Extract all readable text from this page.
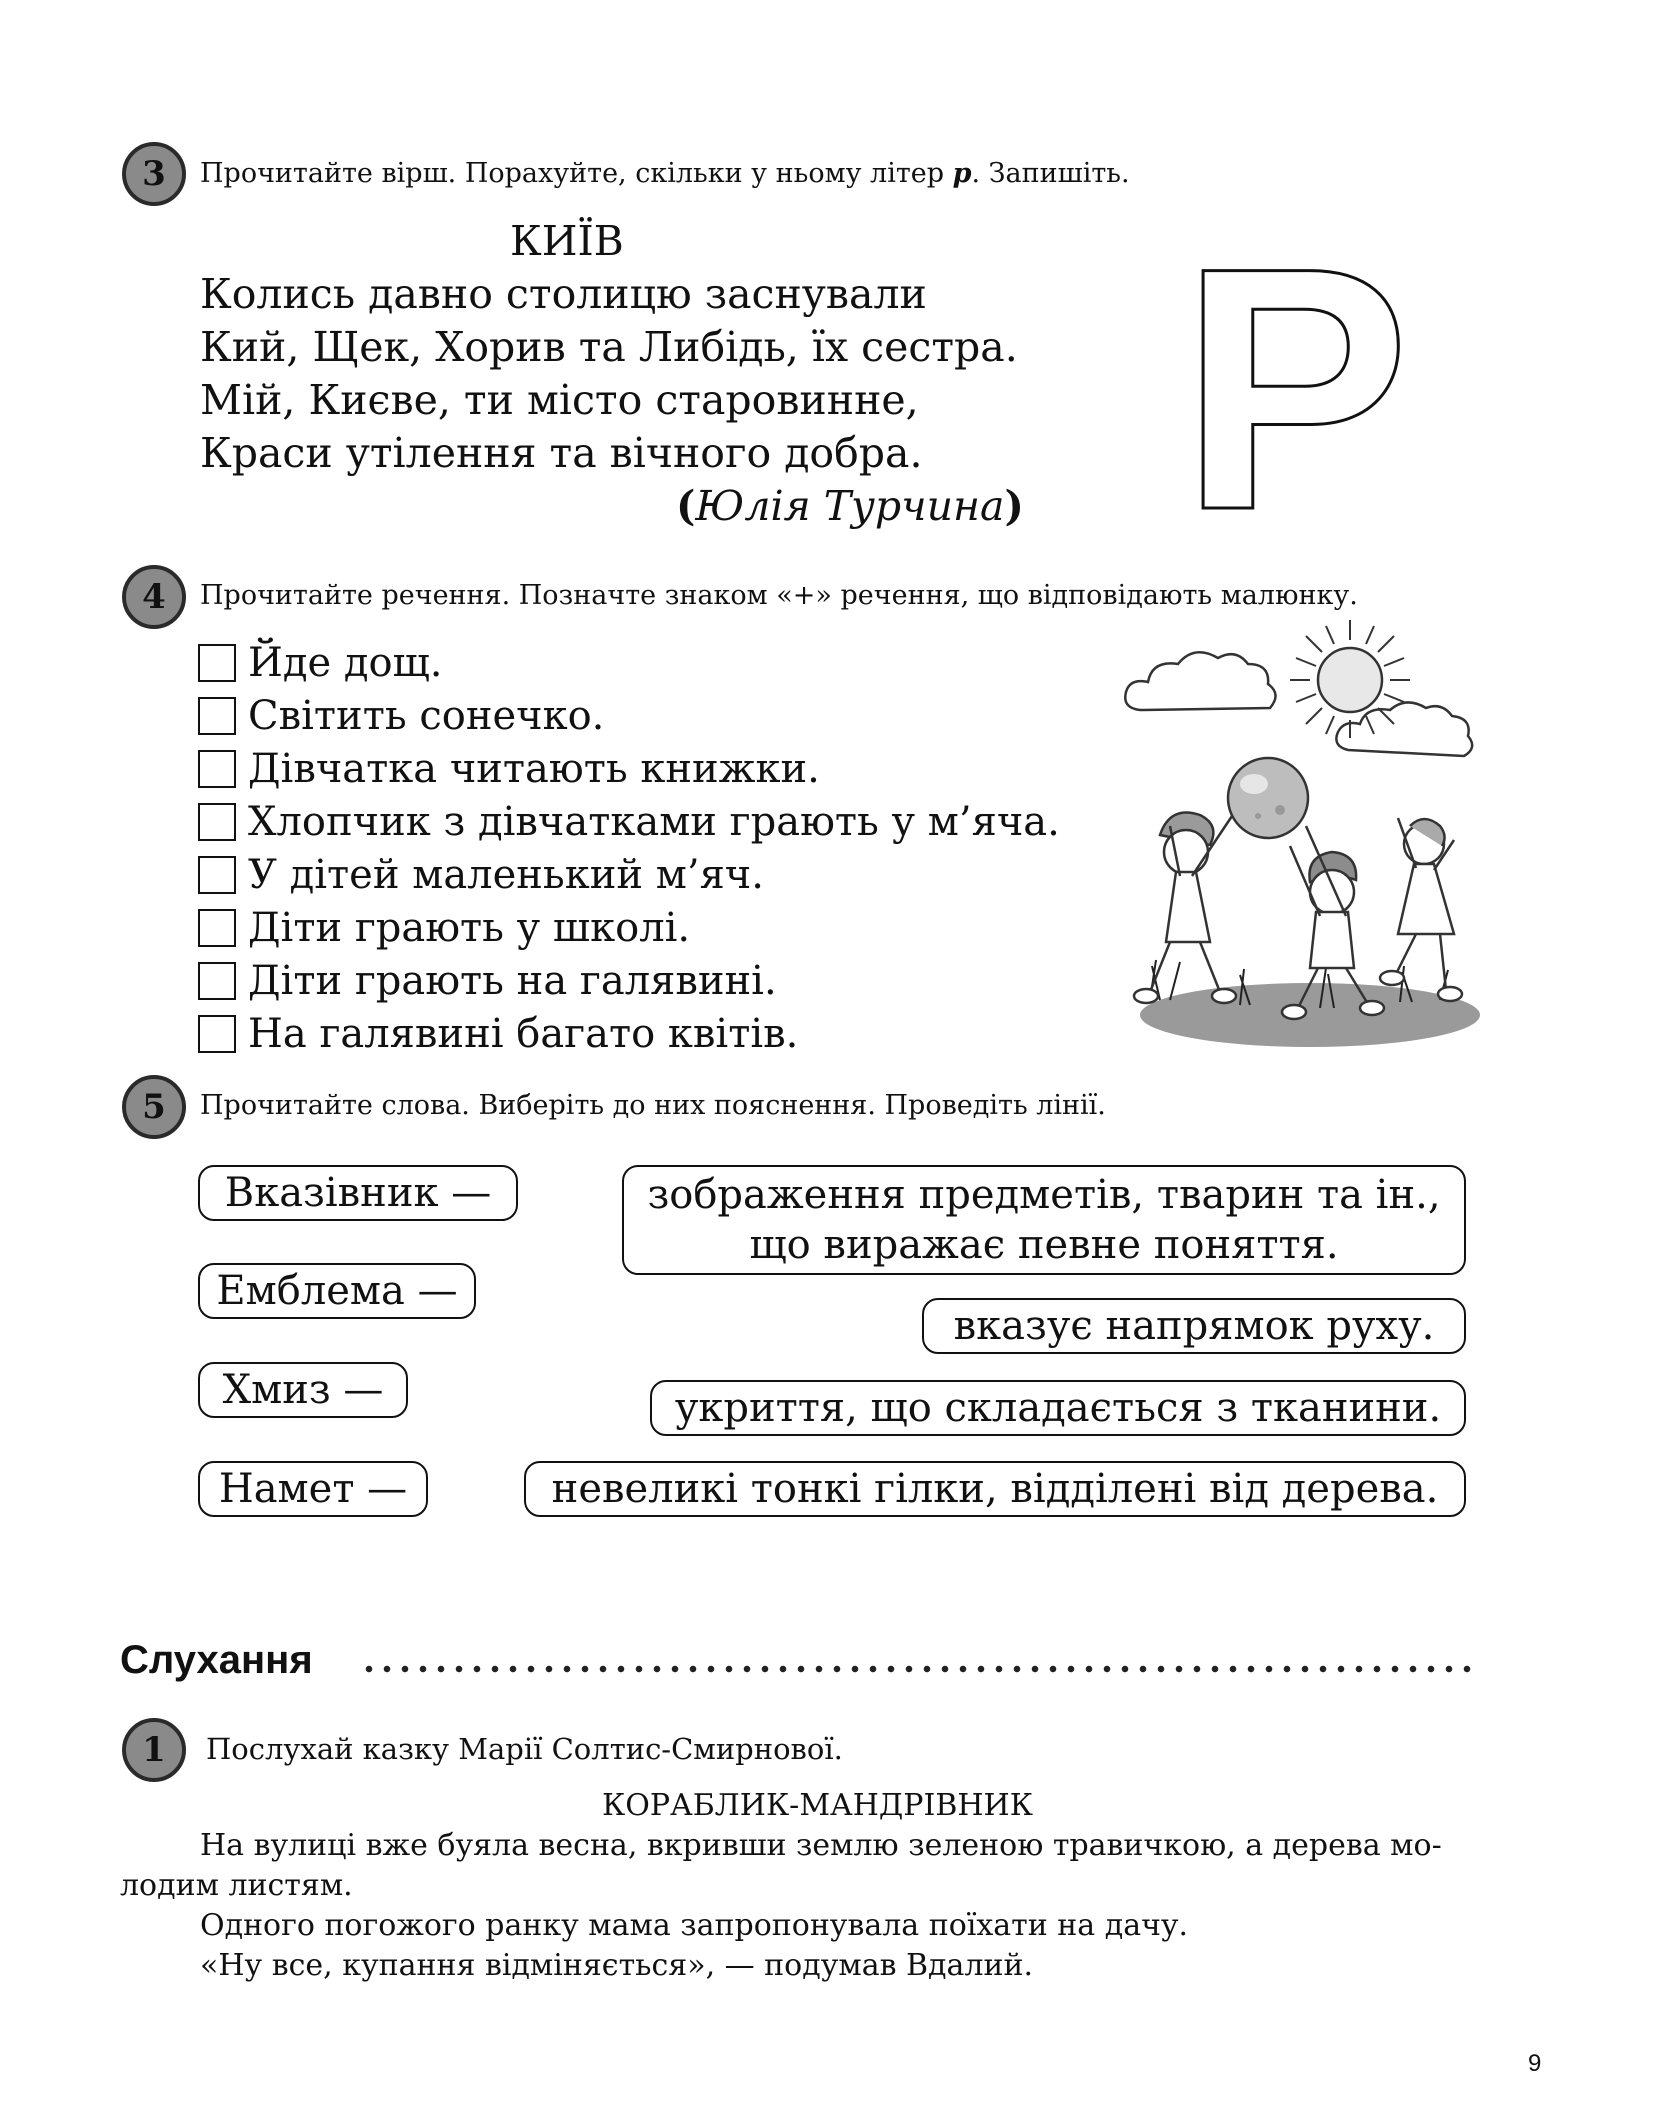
3 Прочитайте вірш. Порахуйте, скільки у ньому літер р. Запишіть.
КИЇВ
Колись давно столицю заснували
Кий, Щек, Хорив та Либідь, їх сестра.
Мій, Києве, ти місто старовинне,
Краси утілення та вічного добра.
(Юлія Турчина) Р
4 Прочитайте речення. Позначте знаком «+» речення, що відповідають малюнку.
Йде дощ.
Світить сонечко.
Дівчатка читають книжки.
Хлопчик з дівчатками грають у м’яча.
У дітей маленький м’яч.
Діти грають у школі.
Діти грають на галявині.
На галявині багато квітів.
5 Прочитайте слова. Виберіть до них пояснення. Проведіть лінії.
Вказівник —
Емблема —
Хмиз —
Намет —
зображення предметів, тварин та ін.,
що виражає певне поняття.
вказує напрямок руху.
укриття, що складається з тканини.
невеликі тонкі гілки, відділені від дерева.
Слухання
1 Послухай казку Марії Солтис-Смирнової.
КОРАБЛИК-МАНДРІВНИК
На вулиці вже буяла весна, вкривши землю зеленою травичкою, а дерева мо-
лодим листям.
Одного погожого ранку мама запропонувала поїхати на дачу.
«Ну все, купання відміняється», — подумав Вдалий.
9
